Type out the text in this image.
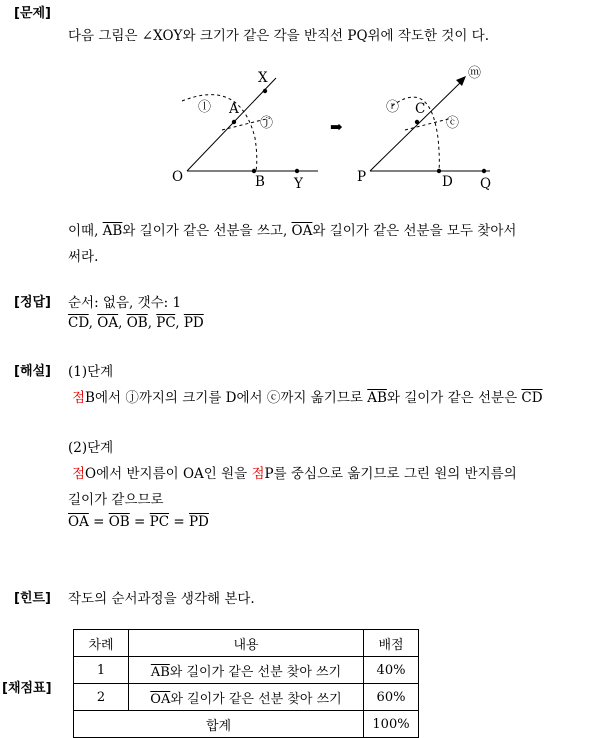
[문제]
다음 그림은 ∠XOY와 크기가 같은 각을 반직선 PQ위에 작도한 것이 다.
X
A
O	B Y
ⓛ
ⓙ	➡
P
C
D Q
ⓡ
ⓒ
ⓜ
이때, $\overline{AB}$와 길이가 같은 선분을 쓰고, $\overline{OA}$와 길이가 같은 선분을 모두 찾아서
써라.
[정답] 순서: 없음, 갯수: 1
$\overline{CD}$, $\overline{OA}$, $\overline{OB}$, $\overline{PC}$, $\overline{PD}$
[해설] (1)단계
점B에서 ⓙ까지의 크기를 D에서 ⓒ까지 옮기므로 $\overline{AB}$와 길이가 같은 선분은 $\overline{CD}$
(2)단계
점O에서 반지름이 OA인 원을 점P를 중심으로 옮기므로 그린 원의 반지름의
길이가 같으므로
$\overline{OA} = \overline{OB} = \overline{PC} = \overline{PD}$
[힌트] 작도의 순서과정을 생각해 본다.
[채점표]
차례	내용	배점
1	$\overline{AB}$와 길이가 같은 선분 찾아 쓰기	40%
2	$\overline{OA}$와 길이가 같은 선분 찾아 쓰기	60%
합계		100%
